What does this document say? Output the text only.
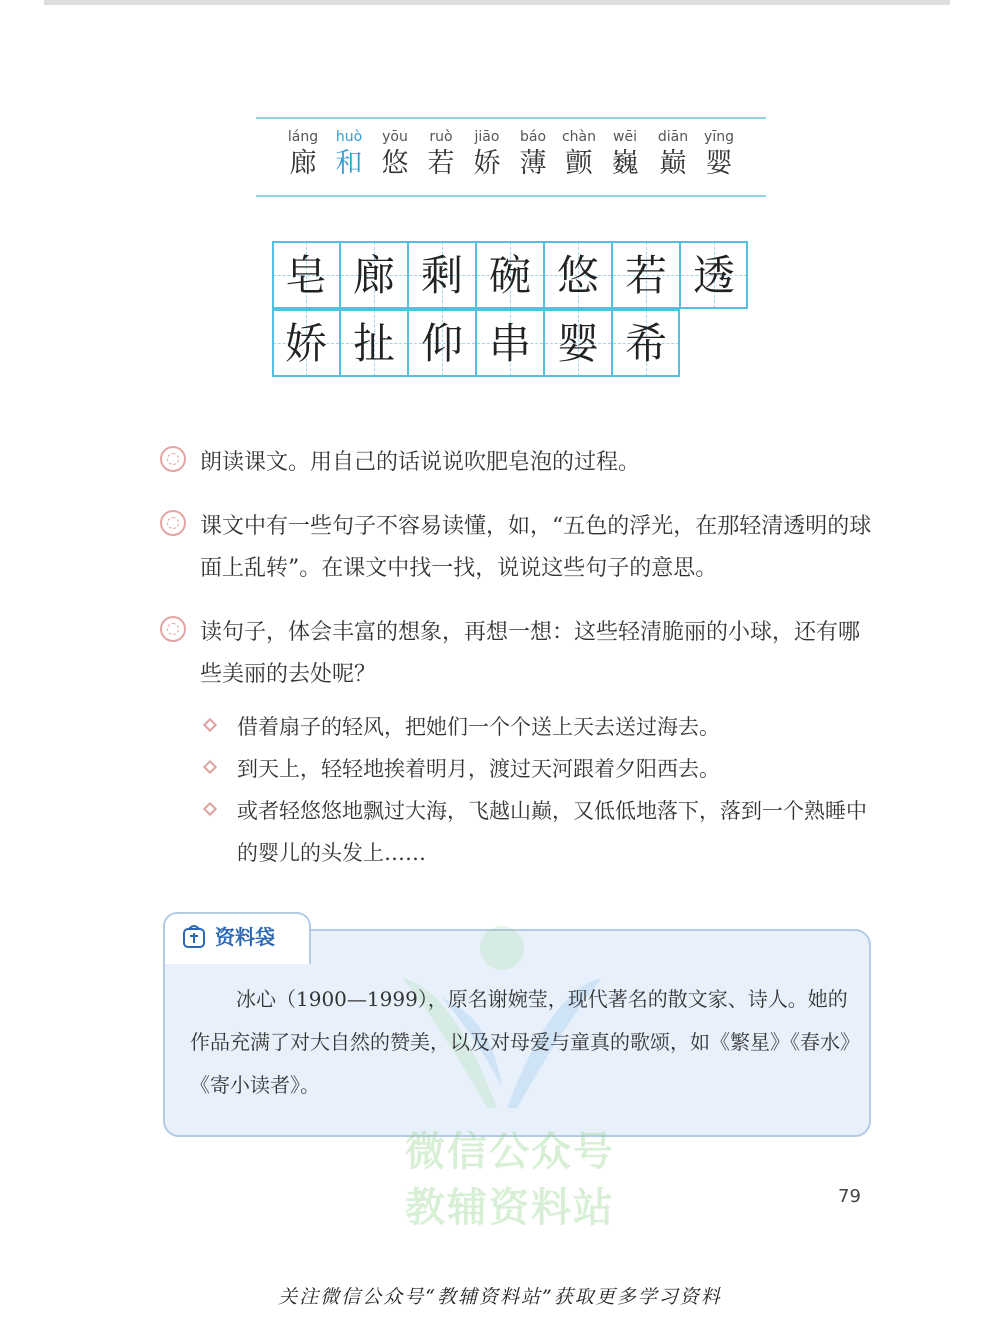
láng
廊
huò
和
yōu
悠
ruò
若
jiāo
娇
báo
薄
chàn
颤
wēi
巍
diān
巅
yīng
婴
皂 廊 剩 碗 悠 若 透
娇 扯 仰 串 婴 希
朗读课文。用自己的话说说吹肥皂泡的过程。
课文中有一些句子不容易读懂，如，“五色的浮光，在那轻清透明的球面上乱转”。在课文中找一找，说说这些句子的意思。
读句子，体会丰富的想象，再想一想：这些轻清脆丽的小球，还有哪些美丽的去处呢？
借着扇子的轻风，把她们一个个送上天去送过海去。
到天上，轻轻地挨着明月，渡过天河跟着夕阳西去。
或者轻悠悠地飘过大海，飞越山巅，又低低地落下，落到一个熟睡中的婴儿的头发上……
资料袋
冰心（1900—1999），原名谢婉莹，现代著名的散文家、诗人。她的作品充满了对大自然的赞美，以及对母爱与童真的歌颂，如《繁星》《春水》《寄小读者》。
微信公众号
教辅资料站	79
关注微信公众号“教辅资料站”获取更多学习资料
